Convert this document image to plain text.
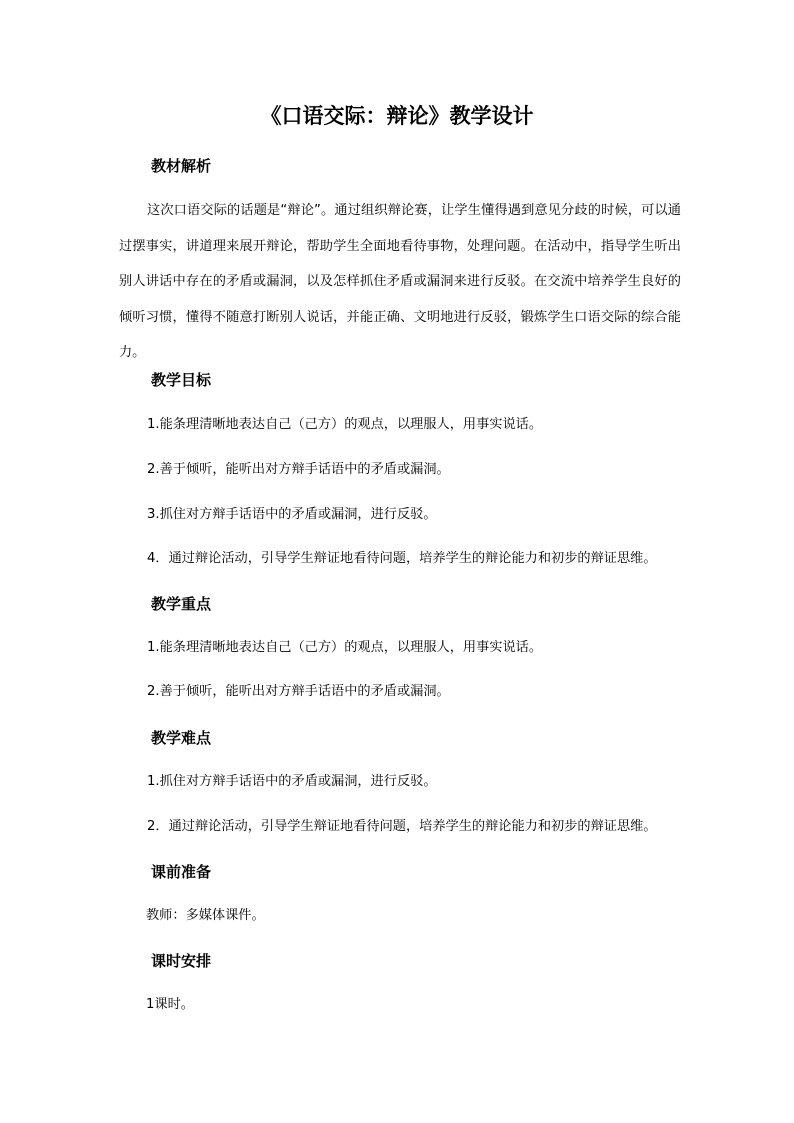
《口语交际：辩论》教学设计
教材解析

这次口语交际的话题是“辩论”。通过组织辩论赛，让学生懂得遇到意见分歧的时候，可以通过摆事实，讲道理来展开辩论，帮助学生全面地看待事物，处理问题。在活动中，指导学生听出别人讲话中存在的矛盾或漏洞，以及怎样抓住矛盾或漏洞来进行反驳。在交流中培养学生良好的倾听习惯，懂得不随意打断别人说话，并能正确、文明地进行反驳，锻炼学生口语交际的综合能力。

教学目标

1.能条理清晰地表达自己（己方）的观点，以理服人，用事实说话。

2.善于倾听，能听出对方辩手话语中的矛盾或漏洞。

3.抓住对方辩手话语中的矛盾或漏洞，进行反驳。

4．通过辩论活动，引导学生辩证地看待问题，培养学生的辩论能力和初步的辩证思维。

教学重点

1.能条理清晰地表达自己（己方）的观点，以理服人，用事实说话。

2.善于倾听，能听出对方辩手话语中的矛盾或漏洞。

教学难点

1.抓住对方辩手话语中的矛盾或漏洞，进行反驳。

2．通过辩论活动，引导学生辩证地看待问题，培养学生的辩论能力和初步的辩证思维。

课前准备

教师：多媒体课件。

课时安排

1课时。
